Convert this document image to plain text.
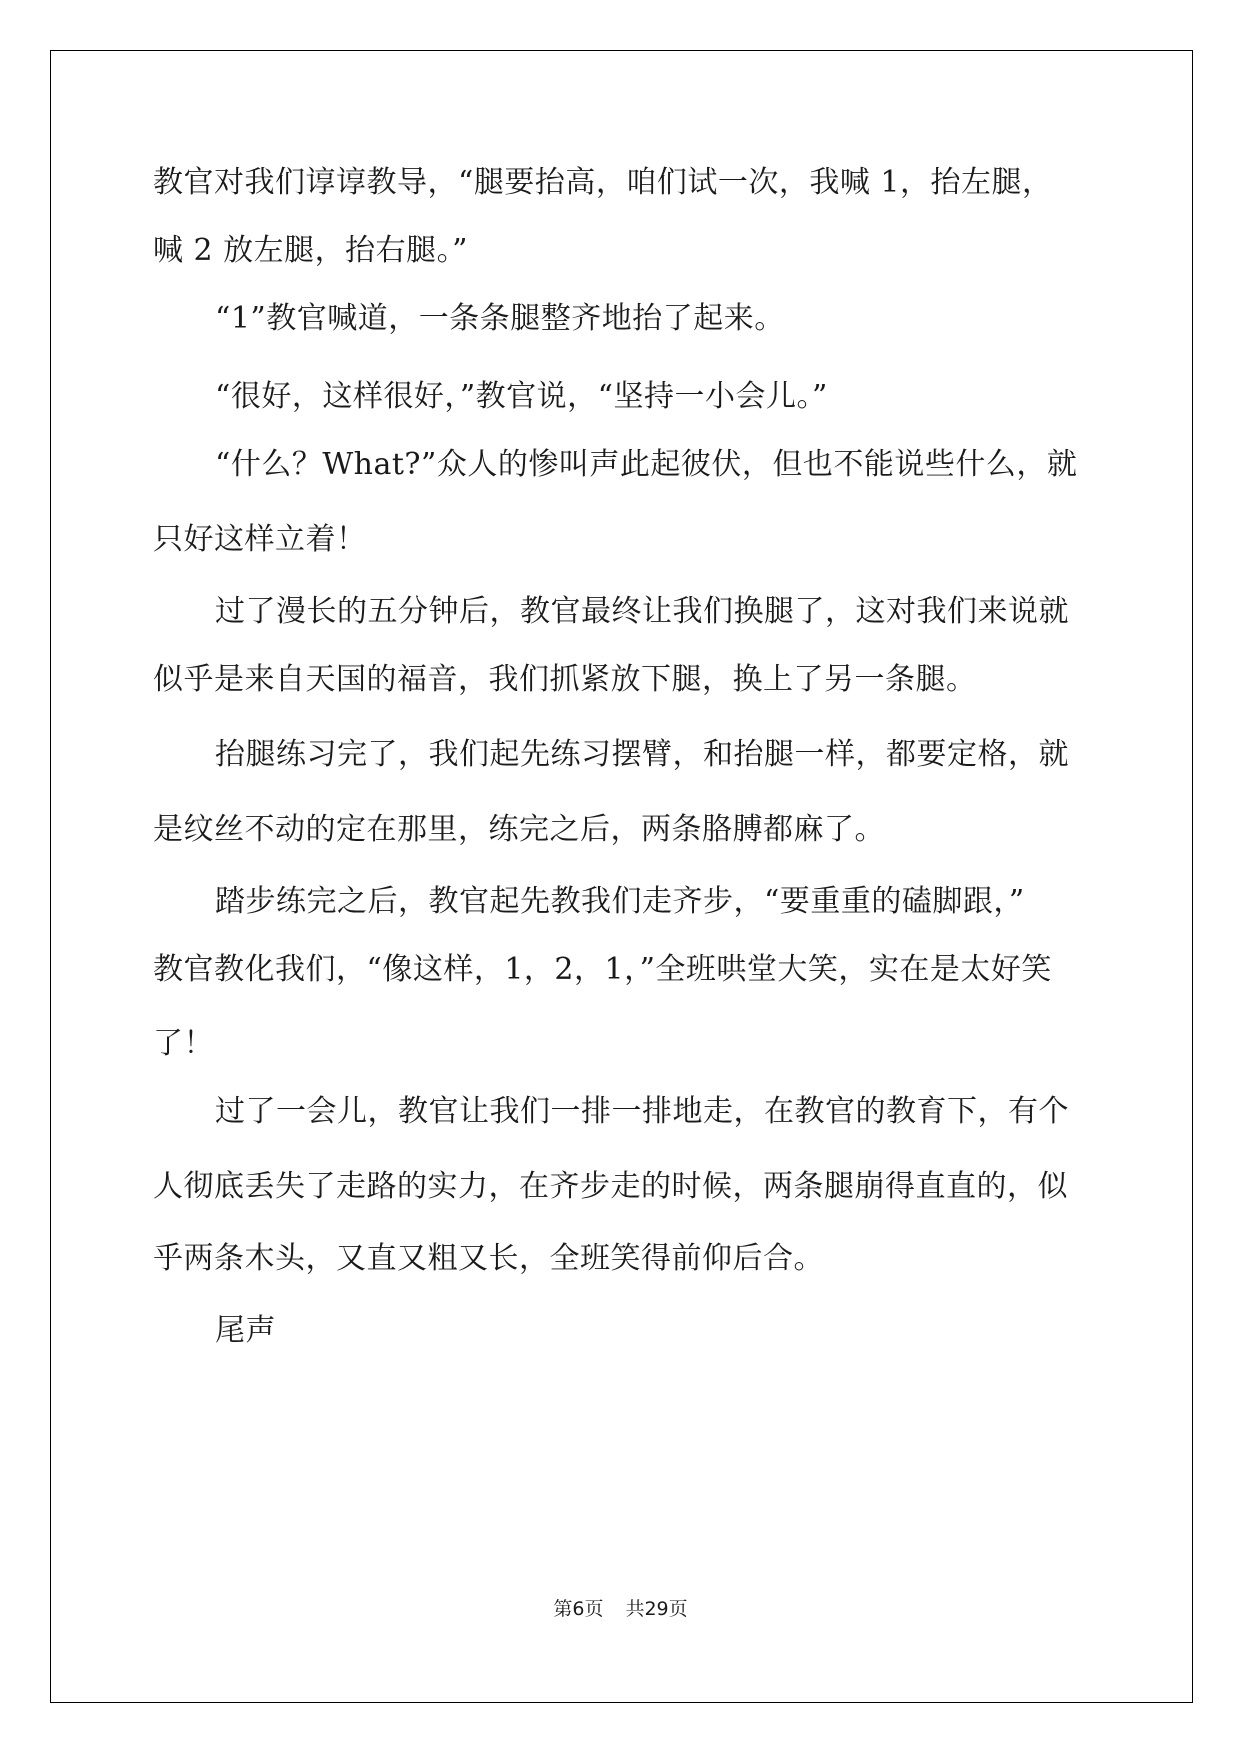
教官对我们谆谆教导，“腿要抬高，咱们试一次，我喊 1，抬左腿，
喊 2 放左腿，抬右腿。”
“1”教官喊道，一条条腿整齐地抬了起来。
“很好，这样很好，”教官说，“坚持一小会儿。”
“什么？What?”众人的惨叫声此起彼伏，但也不能说些什么，就
只好这样立着！
过了漫长的五分钟后，教官最终让我们换腿了，这对我们来说就
似乎是来自天国的福音，我们抓紧放下腿，换上了另一条腿。
抬腿练习完了，我们起先练习摆臂，和抬腿一样，都要定格，就
是纹丝不动的定在那里，练完之后，两条胳膊都麻了。
踏步练完之后，教官起先教我们走齐步，“要重重的磕脚跟，”
教官教化我们，“像这样，1，2，1，”全班哄堂大笑，实在是太好笑
了！
过了一会儿，教官让我们一排一排地走，在教官的教育下，有个
人彻底丢失了走路的实力，在齐步走的时候，两条腿崩得直直的，似
乎两条木头，又直又粗又长，全班笑得前仰后合。
尾声
第6页 共29页
